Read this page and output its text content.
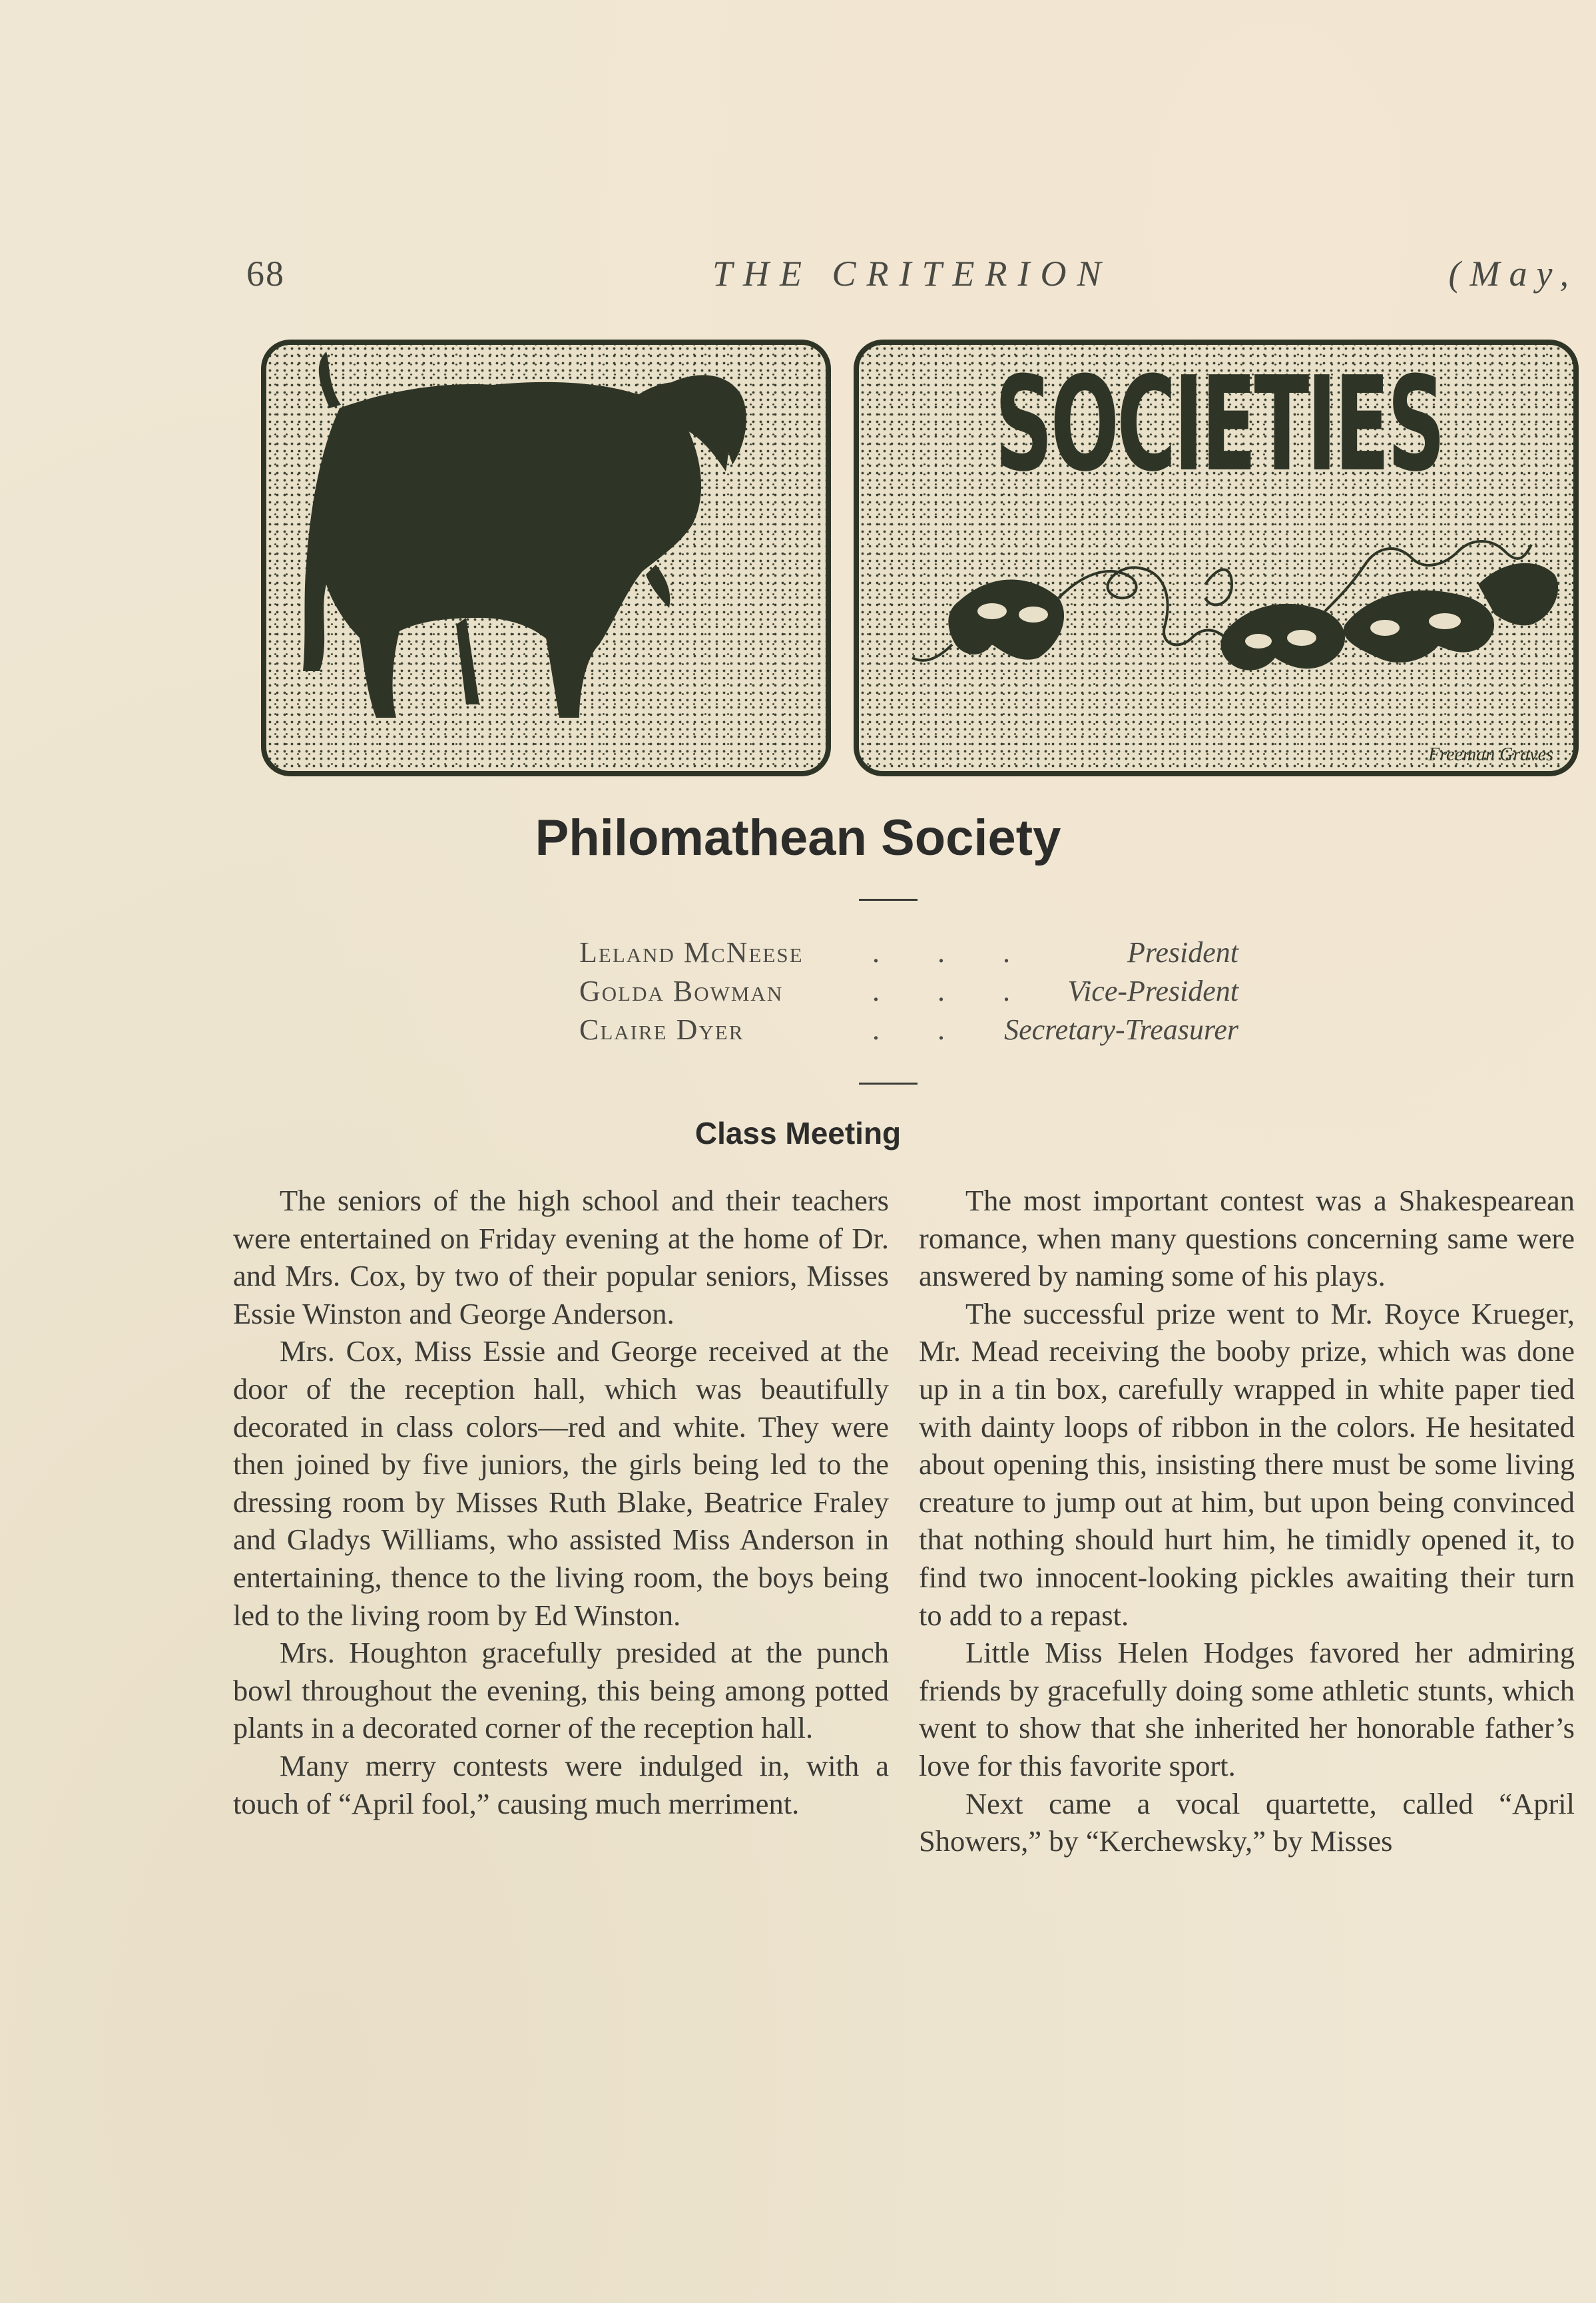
68	THE CRITERION	(May,
SOCIETIES
Freeman Graves
Philomathean Society
Leland McNeese . . .	President
Golda Bowman	. . . Vice-President
Claire Dyer	. .	Secretary-Treasurer
Class Meeting

The seniors of the high school and their teachers were entertained on Friday evening at the home of Dr. and Mrs. Cox, by two of their popular seniors, Misses Essie Winston and George Anderson.

Mrs. Cox, Miss Essie and George received at the door of the reception hall, which was beautifully decorated in class colors—red and white. They were then joined by five juniors, the girls being led to the dressing room by Misses Ruth Blake, Beatrice Fraley and Gladys Williams, who assisted Miss Anderson in entertaining, thence to the living room, the boys being led to the living room by Ed Winston.

Mrs. Houghton gracefully presided at the punch bowl throughout the evening, this being among potted plants in a decorated corner of the reception hall.

Many merry contests were indulged in, with a touch of “April fool,” causing much merriment.

The most important contest was a Shakespearean romance, when many questions concerning same were answered by naming some of his plays.

The successful prize went to Mr. Royce Krueger, Mr. Mead receiving the booby prize, which was done up in a tin box, carefully wrapped in white paper tied with dainty loops of ribbon in the colors. He hesitated about opening this, insisting there must be some living creature to jump out at him, but upon being convinced that nothing should hurt him, he timidly opened it, to find two innocent-looking pickles awaiting their turn to add to a repast.

Little Miss Helen Hodges favored her admiring friends by gracefully doing some athletic stunts, which went to show that she inherited her honorable father’s love for this favorite sport.

Next came a vocal quartette, called “April Showers,” by “Kerchewsky,” by Misses
